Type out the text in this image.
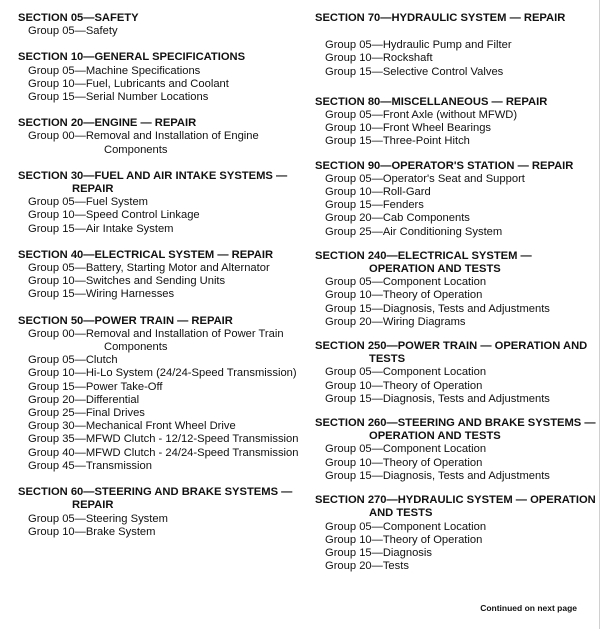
SECTION 05—SAFETY
Group 05—Safety
SECTION 10—GENERAL SPECIFICATIONS
Group 05—Machine Specifications
Group 10—Fuel, Lubricants and Coolant
Group 15—Serial Number Locations
SECTION 20—ENGINE — REPAIR
Group 00—Removal and Installation of Engine Components
SECTION 30—FUEL AND AIR INTAKE SYSTEMS — REPAIR
Group 05—Fuel System
Group 10—Speed Control Linkage
Group 15—Air Intake System
SECTION 40—ELECTRICAL SYSTEM — REPAIR
Group 05—Battery, Starting Motor and Alternator
Group 10—Switches and Sending Units
Group 15—Wiring Harnesses
SECTION 50—POWER TRAIN — REPAIR
Group 00—Removal and Installation of Power Train Components
Group 05—Clutch
Group 10—Hi-Lo System (24/24-Speed Transmission)
Group 15—Power Take-Off
Group 20—Differential
Group 25—Final Drives
Group 30—Mechanical Front Wheel Drive
Group 35—MFWD Clutch - 12/12-Speed Transmission
Group 40—MFWD Clutch - 24/24-Speed Transmission
Group 45—Transmission
SECTION 60—STEERING AND BRAKE SYSTEMS — REPAIR
Group 05—Steering System
Group 10—Brake System
SECTION 70—HYDRAULIC SYSTEM — REPAIR
Group 05—Hydraulic Pump and Filter
Group 10—Rockshaft
Group 15—Selective Control Valves
SECTION 80—MISCELLANEOUS — REPAIR
Group 05—Front Axle (without MFWD)
Group 10—Front Wheel Bearings
Group 15—Three-Point Hitch
SECTION 90—OPERATOR'S STATION — REPAIR
Group 05—Operator's Seat and Support
Group 10—Roll-Gard
Group 15—Fenders
Group 20—Cab Components
Group 25—Air Conditioning System
SECTION 240—ELECTRICAL SYSTEM — OPERATION AND TESTS
Group 05—Component Location
Group 10—Theory of Operation
Group 15—Diagnosis, Tests and Adjustments
Group 20—Wiring Diagrams
SECTION 250—POWER TRAIN — OPERATION AND TESTS
Group 05—Component Location
Group 10—Theory of Operation
Group 15—Diagnosis, Tests and Adjustments
SECTION 260—STEERING AND BRAKE SYSTEMS — OPERATION AND TESTS
Group 05—Component Location
Group 10—Theory of Operation
Group 15—Diagnosis, Tests and Adjustments
SECTION 270—HYDRAULIC SYSTEM — OPERATION AND TESTS
Group 05—Component Location
Group 10—Theory of Operation
Group 15—Diagnosis
Group 20—Tests
Continued on next page
